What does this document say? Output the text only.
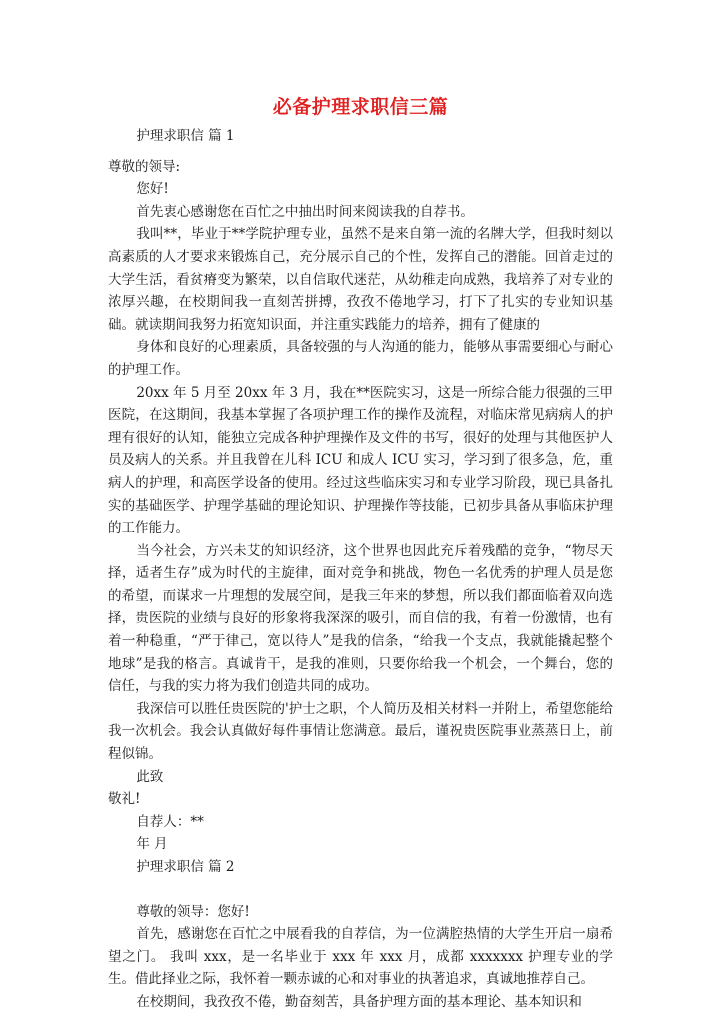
必备护理求职信三篇

护理求职信 篇 1

尊敬的领导:

您好!

首先衷心感谢您在百忙之中抽出时间来阅读我的自荐书。

我叫**，毕业于**学院护理专业，虽然不是来自第一流的名牌大学，但我时刻以高素质的人才要求来锻炼自己，充分展示自己的个性，发挥自己的潜能。回首走过的大学生活，看贫瘠变为繁荣，以自信取代迷茫，从幼稚走向成熟，我培养了对专业的浓厚兴趣，在校期间我一直刻苦拼搏，孜孜不倦地学习，打下了扎实的专业知识基础。就读期间我努力拓宽知识面，并注重实践能力的培养，拥有了健康的

身体和良好的心理素质，具备较强的与人沟通的能力，能够从事需要细心与耐心的护理工作。

20xx 年 5 月至 20xx 年 3 月，我在**医院实习，这是一所综合能力很强的三甲医院，在这期间，我基本掌握了各项护理工作的操作及流程，对临床常见病病人的护理有很好的认知，能独立完成各种护理操作及文件的书写，很好的处理与其他医护人员及病人的关系。并且我曾在儿科 ICU 和成人 ICU 实习，学习到了很多急，危，重病人的护理，和高医学设备的使用。经过这些临床实习和专业学习阶段，现已具备扎实的基础医学、护理学基础的理论知识、护理操作等技能，已初步具备从事临床护理的工作能力。

当今社会，方兴未艾的知识经济，这个世界也因此充斥着残酷的竞争，“物尽天择，适者生存”成为时代的主旋律，面对竞争和挑战，物色一名优秀的护理人员是您的希望，而谋求一片理想的发展空间，是我三年来的梦想，所以我们都面临着双向选择，贵医院的业绩与良好的形象将我深深的吸引，而自信的我，有着一份激情，也有着一种稳重，“严于律己，宽以待人”是我的信条，“给我一个支点，我就能撬起整个地球”是我的格言。真诚肯干，是我的准则，只要你给我一个机会，一个舞台，您的信任，与我的实力将为我们创造共同的成功。

我深信可以胜任贵医院的'护士之职，个人简历及相关材料一并附上，希望您能给我一次机会。我会认真做好每件事情让您满意。最后，谨祝贵医院事业蒸蒸日上，前程似锦。

此致

敬礼!

自荐人：**

年 月

护理求职信 篇 2

尊敬的领导：您好!

首先，感谢您在百忙之中展看我的自荐信，为一位满腔热情的大学生开启一扇希望之门。 我叫 xxx，是一名毕业于 xxx 年 xxx 月，成都 xxxxxxx 护理专业的学生。借此择业之际，我怀着一颗赤诚的心和对事业的执著追求，真诚地推荐自己。

在校期间，我孜孜不倦，勤奋刻苦，具备护理方面的基本理论、基本知识和
